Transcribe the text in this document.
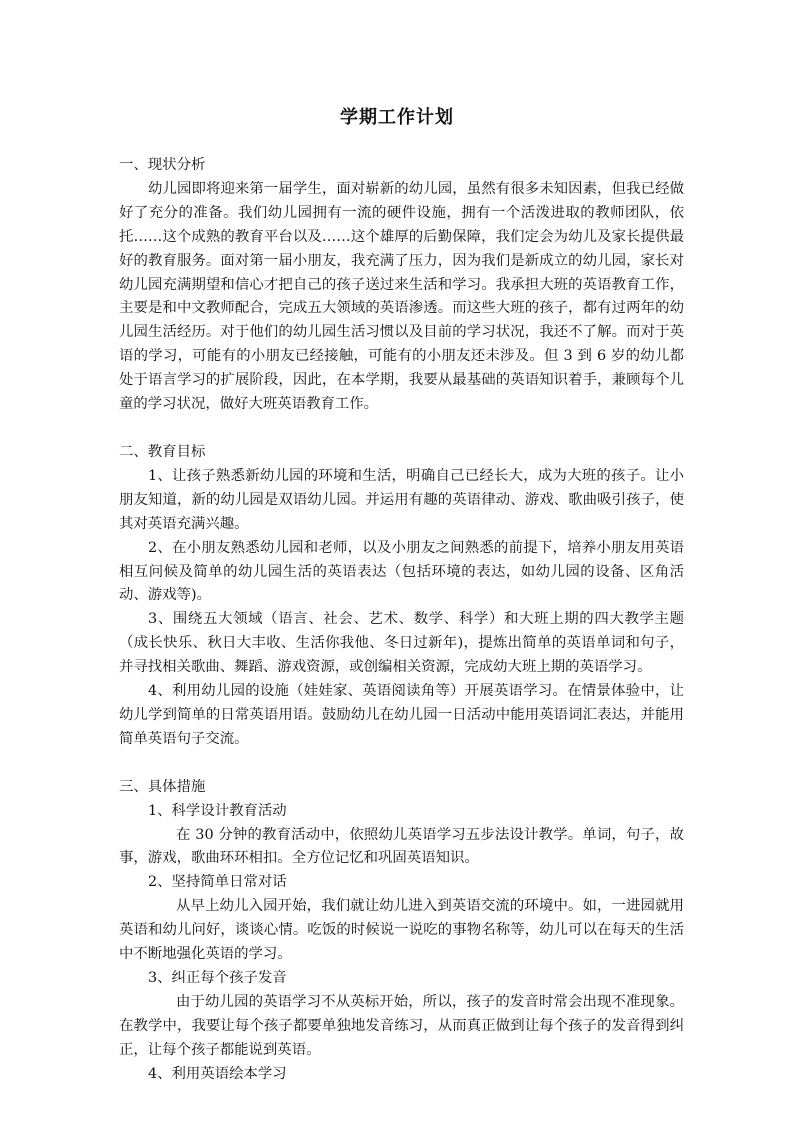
学期工作计划

一、现状分析

幼儿园即将迎来第一届学生，面对崭新的幼儿园，虽然有很多未知因素，但我已经做好了充分的准备。我们幼儿园拥有一流的硬件设施，拥有一个活泼进取的教师团队，依托……这个成熟的教育平台以及……这个雄厚的后勤保障，我们定会为幼儿及家长提供最好的教育服务。面对第一届小朋友，我充满了压力，因为我们是新成立的幼儿园，家长对幼儿园充满期望和信心才把自己的孩子送过来生活和学习。我承担大班的英语教育工作，主要是和中文教师配合，完成五大领域的英语渗透。而这些大班的孩子，都有过两年的幼儿园生活经历。对于他们的幼儿园生活习惯以及目前的学习状况，我还不了解。而对于英语的学习，可能有的小朋友已经接触，可能有的小朋友还未涉及。但 3 到 6 岁的幼儿都处于语言学习的扩展阶段，因此，在本学期，我要从最基础的英语知识着手，兼顾每个儿童的学习状况，做好大班英语教育工作。

二、教育目标

1、让孩子熟悉新幼儿园的环境和生活，明确自己已经长大，成为大班的孩子。让小朋友知道，新的幼儿园是双语幼儿园。并运用有趣的英语律动、游戏、歌曲吸引孩子，使其对英语充满兴趣。

2、在小朋友熟悉幼儿园和老师，以及小朋友之间熟悉的前提下，培养小朋友用英语相互问候及简单的幼儿园生活的英语表达（包括环境的表达，如幼儿园的设备、区角活动、游戏等)。

3、围绕五大领域（语言、社会、艺术、数学、科学）和大班上期的四大教学主题（成长快乐、秋日大丰收、生活你我他、冬日过新年)，提炼出简单的英语单词和句子，并寻找相关歌曲、舞蹈、游戏资源，或创编相关资源，完成幼大班上期的英语学习。

4、利用幼儿园的设施（娃娃家、英语阅读角等）开展英语学习。在情景体验中，让幼儿学到简单的日常英语用语。鼓励幼儿在幼儿园一日活动中能用英语词汇表达，并能用简单英语句子交流。

三、具体措施

1、科学设计教育活动

在 30 分钟的教育活动中，依照幼儿英语学习五步法设计教学。单词，句子，故事，游戏，歌曲环环相扣。全方位记忆和巩固英语知识。

2、坚持简单日常对话

从早上幼儿入园开始，我们就让幼儿进入到英语交流的环境中。如，一进园就用英语和幼儿问好，谈谈心情。吃饭的时候说一说吃的事物名称等，幼儿可以在每天的生活中不断地强化英语的学习。

3、纠正每个孩子发音

由于幼儿园的英语学习不从英标开始，所以，孩子的发音时常会出现不准现象。在教学中，我要让每个孩子都要单独地发音练习，从而真正做到让每个孩子的发音得到纠正，让每个孩子都能说到英语。

4、利用英语绘本学习
